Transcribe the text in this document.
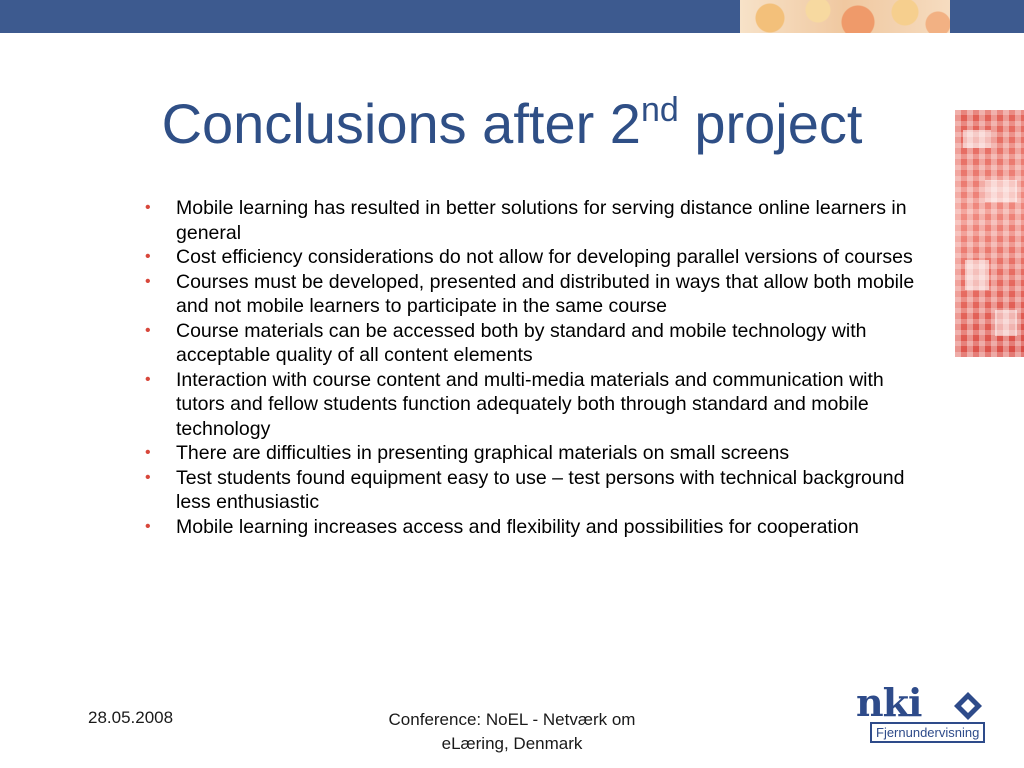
Conclusions after 2nd project
• Mobile learning has resulted in better solutions for serving distance online learners in general
• Cost efficiency considerations do not allow for developing parallel versions of courses
• Courses must be developed, presented and distributed in ways that allow both mobile and not mobile learners to participate in the same course
• Course materials can be accessed both by standard and mobile technology with acceptable quality of all content elements
• Interaction with course content and multi-media materials and communication with tutors and fellow students function adequately both through standard and mobile technology
• There are difficulties in presenting graphical materials on small screens
• Test students found equipment easy to use – test persons with technical background less enthusiastic
• Mobile learning increases access and flexibility and possibilities for cooperation
28.05.2008	Conference: NoEL - Netværk om
eLæring, Denmark
nki
Fjernundervisning
